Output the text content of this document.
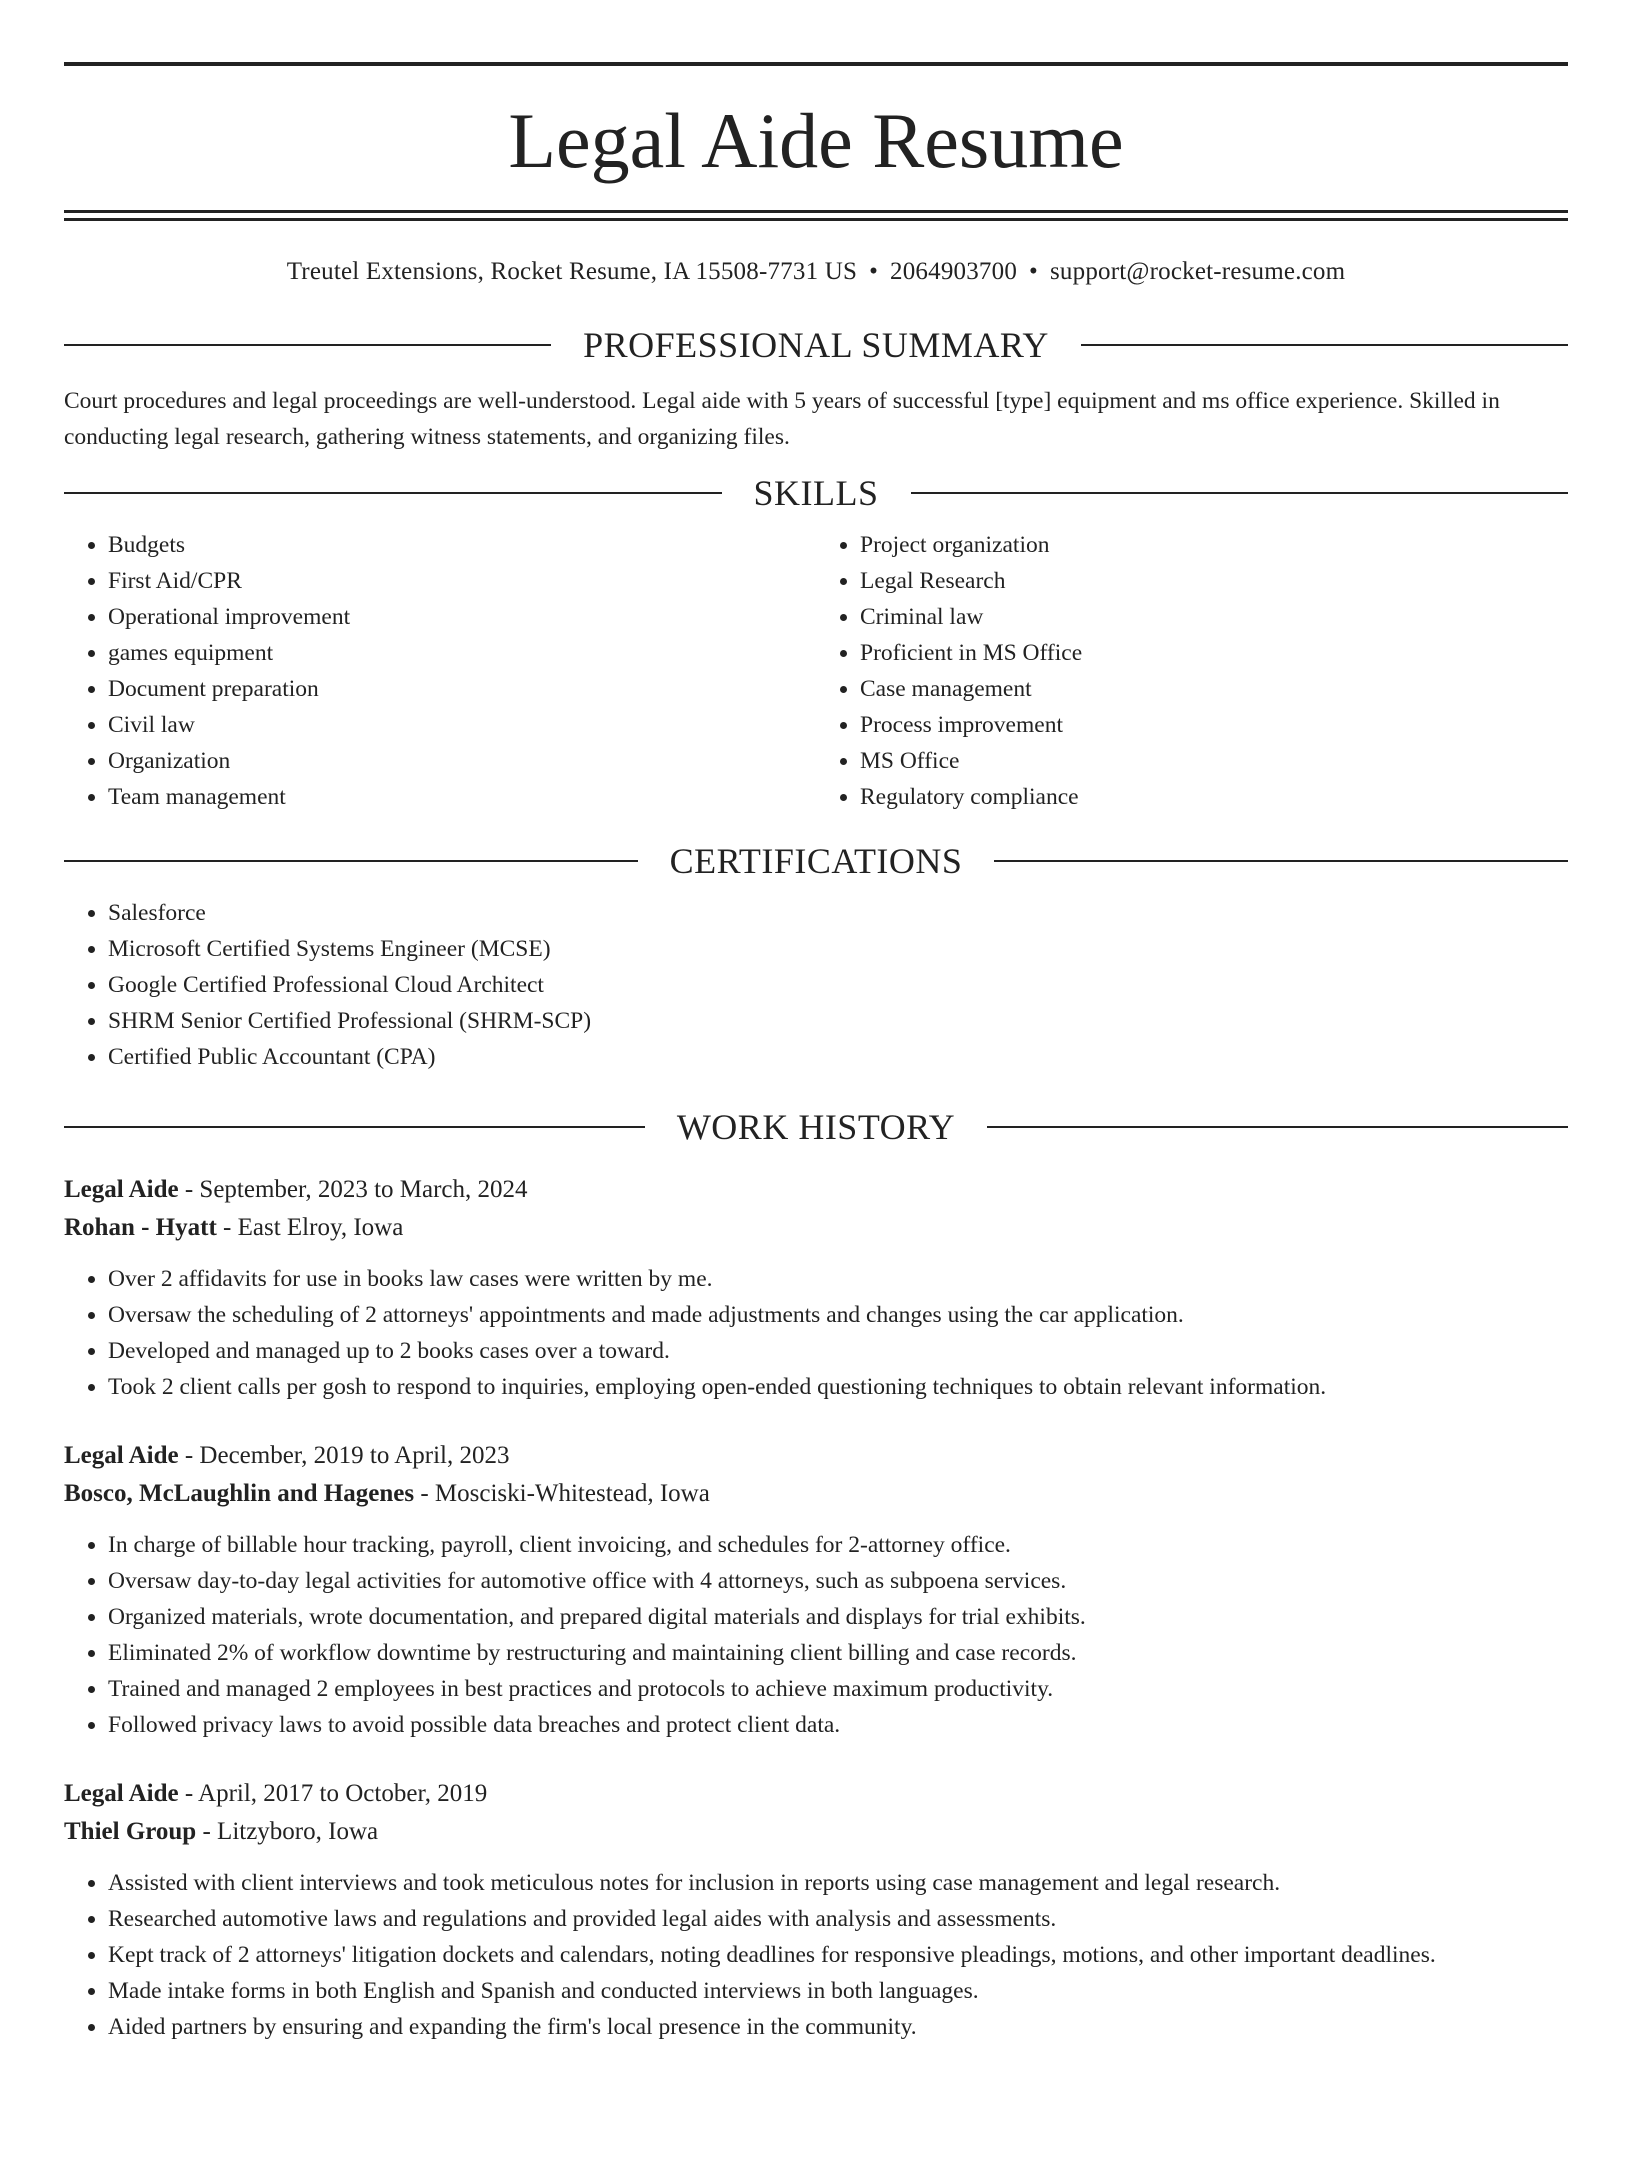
Legal Aide Resume
Treutel Extensions, Rocket Resume, IA 15508-7731 US • 2064903700 • support@rocket-resume.com
PROFESSIONAL SUMMARY
Court procedures and legal proceedings are well-understood. Legal aide with 5 years of successful [type] equipment and ms office experience. Skilled in conducting legal research, gathering witness statements, and organizing files.
SKILLS
• Budgets
• First Aid/CPR
• Operational improvement
• games equipment
• Document preparation
• Civil law
• Organization
• Team management
• Project organization
• Legal Research
• Criminal law
• Proficient in MS Office
• Case management
• Process improvement
• MS Office
• Regulatory compliance
CERTIFICATIONS
• Salesforce
• Microsoft Certified Systems Engineer (MCSE)
• Google Certified Professional Cloud Architect
• SHRM Senior Certified Professional (SHRM-SCP)
• Certified Public Accountant (CPA)
WORK HISTORY
Legal Aide - September, 2023 to March, 2024
Rohan - Hyatt - East Elroy, Iowa
• Over 2 affidavits for use in books law cases were written by me.
• Oversaw the scheduling of 2 attorneys' appointments and made adjustments and changes using the car application.
• Developed and managed up to 2 books cases over a toward.
• Took 2 client calls per gosh to respond to inquiries, employing open-ended questioning techniques to obtain relevant information.
Legal Aide - December, 2019 to April, 2023
Bosco, McLaughlin and Hagenes - Mosciski-Whitestead, Iowa
• In charge of billable hour tracking, payroll, client invoicing, and schedules for 2-attorney office.
• Oversaw day-to-day legal activities for automotive office with 4 attorneys, such as subpoena services.
• Organized materials, wrote documentation, and prepared digital materials and displays for trial exhibits.
• Eliminated 2% of workflow downtime by restructuring and maintaining client billing and case records.
• Trained and managed 2 employees in best practices and protocols to achieve maximum productivity.
• Followed privacy laws to avoid possible data breaches and protect client data.
Legal Aide - April, 2017 to October, 2019
Thiel Group - Litzyboro, Iowa
• Assisted with client interviews and took meticulous notes for inclusion in reports using case management and legal research.
• Researched automotive laws and regulations and provided legal aides with analysis and assessments.
• Kept track of 2 attorneys' litigation dockets and calendars, noting deadlines for responsive pleadings, motions, and other important deadlines.
• Made intake forms in both English and Spanish and conducted interviews in both languages.
• Aided partners by ensuring and expanding the firm's local presence in the community.
